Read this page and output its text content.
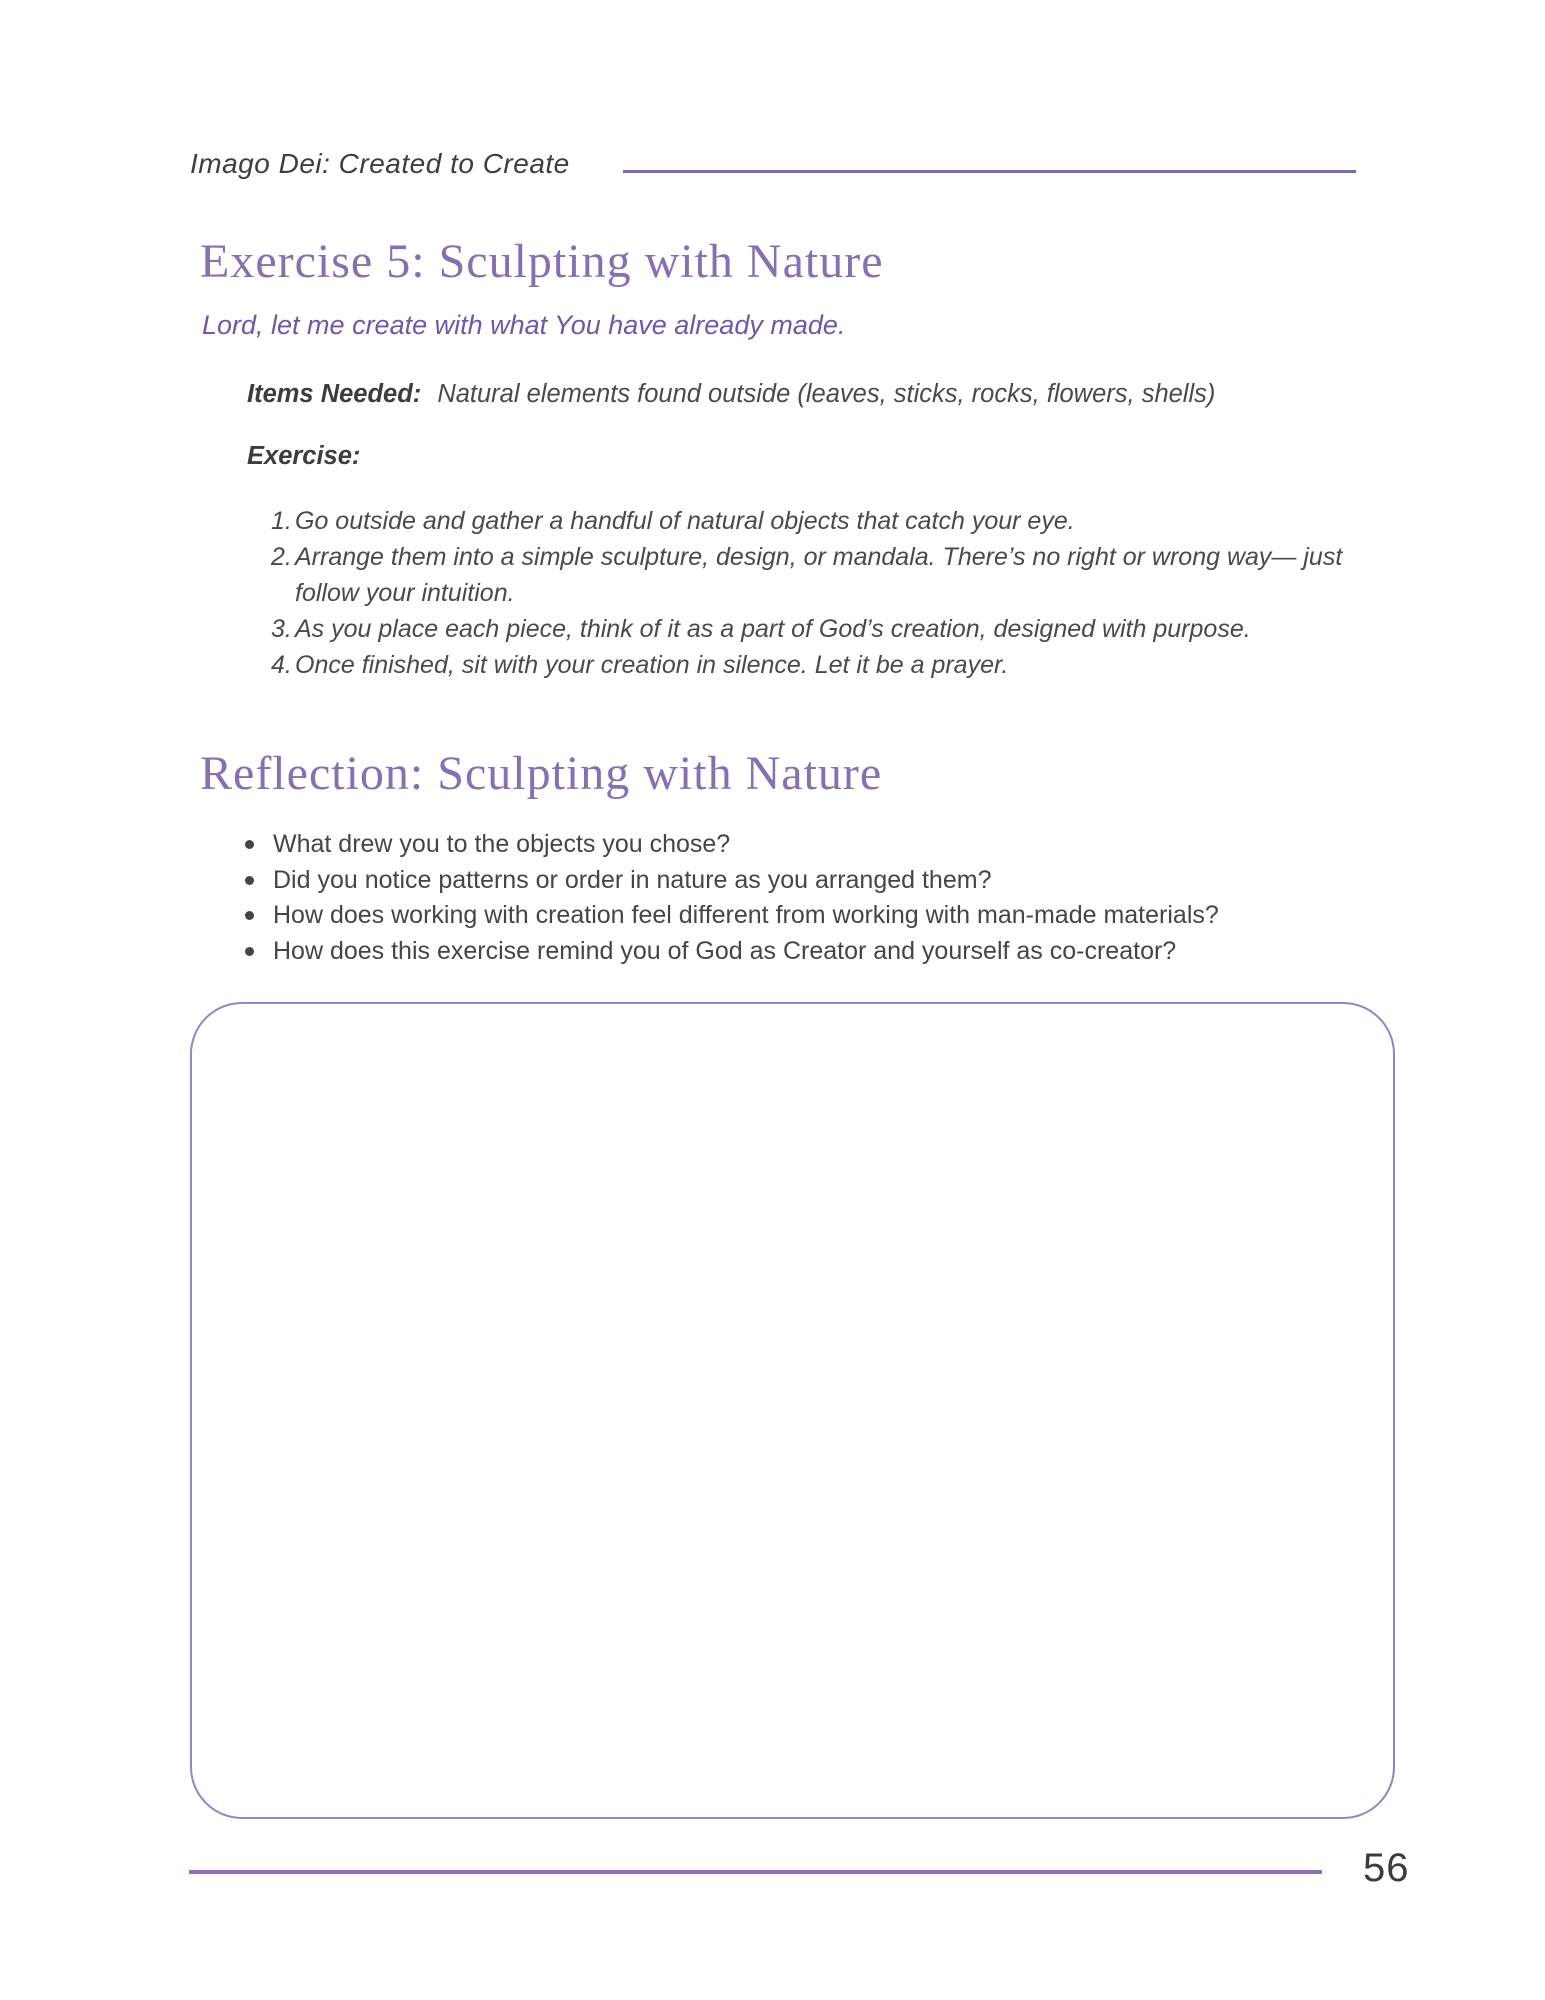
Imago Dei: Created to Create
Exercise 5: Sculpting with Nature
Lord, let me create with what You have already made.
Items Needed: Natural elements found outside (leaves, sticks, rocks, flowers, shells)
Exercise:
Go outside and gather a handful of natural objects that catch your eye.
Arrange them into a simple sculpture, design, or mandala. There’s no right or wrong way— just follow your intuition.
As you place each piece, think of it as a part of God’s creation, designed with purpose.
Once finished, sit with your creation in silence. Let it be a prayer.
Reflection: Sculpting with Nature
What drew you to the objects you chose?
Did you notice patterns or order in nature as you arranged them?
How does working with creation feel different from working with man-made materials?
How does this exercise remind you of God as Creator and yourself as co-creator?
56
